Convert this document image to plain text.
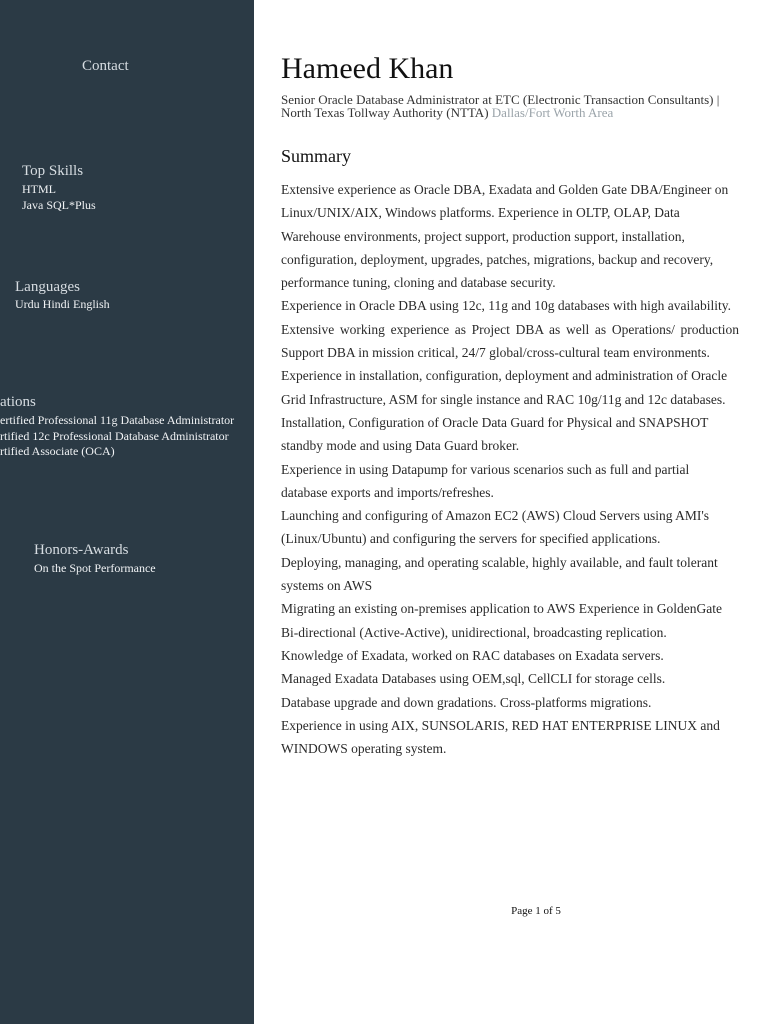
Contact
Top Skills

HTML

Java SQL*Plus

Languages

Urdu Hindi English

ations

ertified Professional 11g Database Administrator

rtified 12c Professional Database Administrator

rtified Associate (OCA)

Honors-Awards

On the Spot Performance

Hameed Khan

Senior Oracle Database Administrator at ETC (Electronic Transaction Consultants) | North Texas Tollway Authority (NTTA) Dallas/Fort Worth Area

Summary

Extensive experience as Oracle DBA, Exadata and Golden Gate DBA/Engineer on Linux/UNIX/AIX, Windows platforms. Experience in OLTP, OLAP, Data Warehouse environments, project support, production support, installation, configuration, deployment, upgrades, patches, migrations, backup and recovery, performance tuning, cloning and database security.

Experience in Oracle DBA using 12c, 11g and 10g databases with high availability.

Extensive working experience as Project DBA as well as Operations/ production Support DBA in mission critical, 24/7 global/cross-cultural team environments.

Experience in installation, configuration, deployment and administration of Oracle Grid Infrastructure, ASM for single instance and RAC 10g/11g and 12c databases.

Installation, Configuration of Oracle Data Guard for Physical and SNAPSHOT standby mode and using Data Guard broker.

Experience in using Datapump for various scenarios such as full and partial database exports and imports/refreshes.

Launching and configuring of Amazon EC2 (AWS) Cloud Servers using AMI's (Linux/Ubuntu) and configuring the servers for specified applications.

Deploying, managing, and operating scalable, highly available, and fault tolerant systems on AWS

Migrating an existing on-premises application to AWS Experience in GoldenGate Bi-directional (Active-Active), unidirectional, broadcasting replication.

Knowledge of Exadata, worked on RAC databases on Exadata servers.

Managed Exadata Databases using OEM,sql, CellCLI for storage cells.

Database upgrade and down gradations. Cross-platforms migrations.

Experience in using AIX, SUNSOLARIS, RED HAT ENTERPRISE LINUX and WINDOWS operating system.

Page 1 of 5
